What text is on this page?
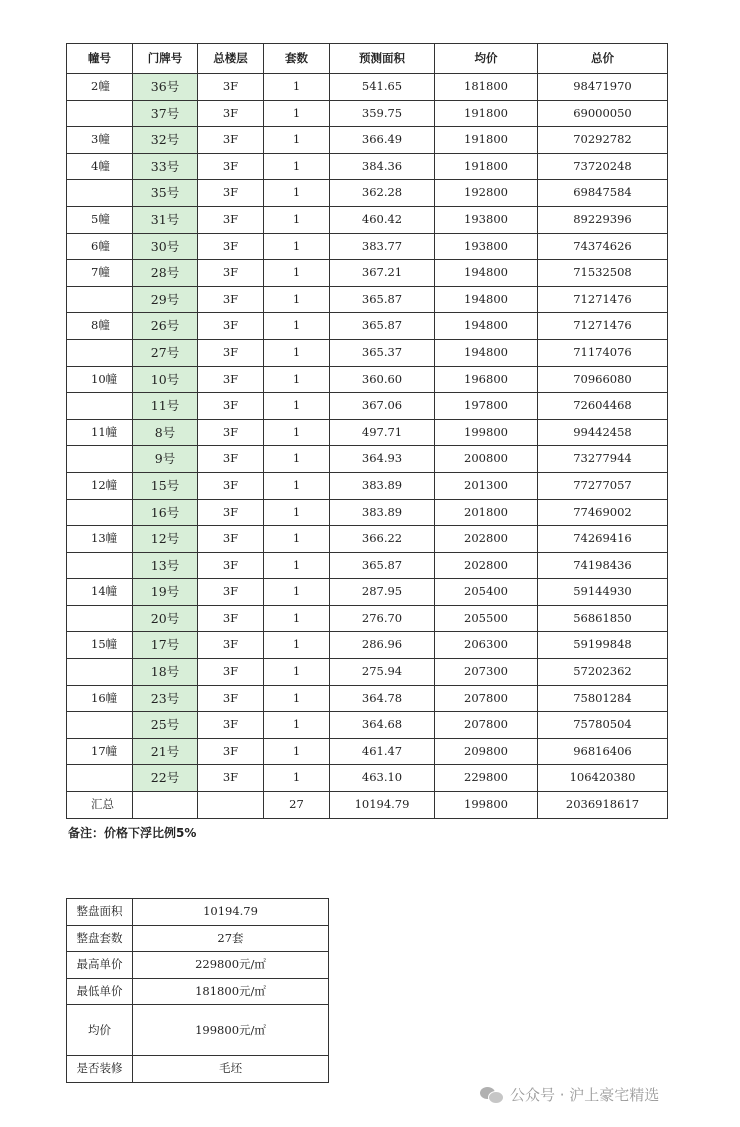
幢号	门牌号	总楼层	套数	预测面积	均价	总价
2幢	36号	3F	1	541.65	181800	98471970
	37号	3F	1	359.75	191800	69000050
3幢	32号	3F	1	366.49	191800	70292782
4幢	33号	3F	1	384.36	191800	73720248
	35号	3F	1	362.28	192800	69847584
5幢	31号	3F	1	460.42	193800	89229396
6幢	30号	3F	1	383.77	193800	74374626
7幢	28号	3F	1	367.21	194800	71532508
	29号	3F	1	365.87	194800	71271476
8幢	26号	3F	1	365.87	194800	71271476
	27号	3F	1	365.37	194800	71174076
10幢	10号	3F	1	360.60	196800	70966080
	11号	3F	1	367.06	197800	72604468
11幢	8号	3F	1	497.71	199800	99442458
	9号	3F	1	364.93	200800	73277944
12幢	15号	3F	1	383.89	201300	77277057
	16号	3F	1	383.89	201800	77469002
13幢	12号	3F	1	366.22	202800	74269416
	13号	3F	1	365.87	202800	74198436
14幢	19号	3F	1	287.95	205400	59144930
	20号	3F	1	276.70	205500	56861850
15幢	17号	3F	1	286.96	206300	59199848
	18号	3F	1	275.94	207300	57202362
16幢	23号	3F	1	364.78	207800	75801284
	25号	3F	1	364.68	207800	75780504
17幢	21号	3F	1	461.47	209800	96816406
	22号	3F	1	463.10	229800	106420380
汇总			27	10194.79	199800	2036918617
备注：价格下浮比例5%
整盘面积	10194.79
整盘套数	27套
最高单价	229800元/㎡
最低单价	181800元/㎡
均价	199800元/㎡
是否装修	毛坯
公众号 · 沪上豪宅精选
